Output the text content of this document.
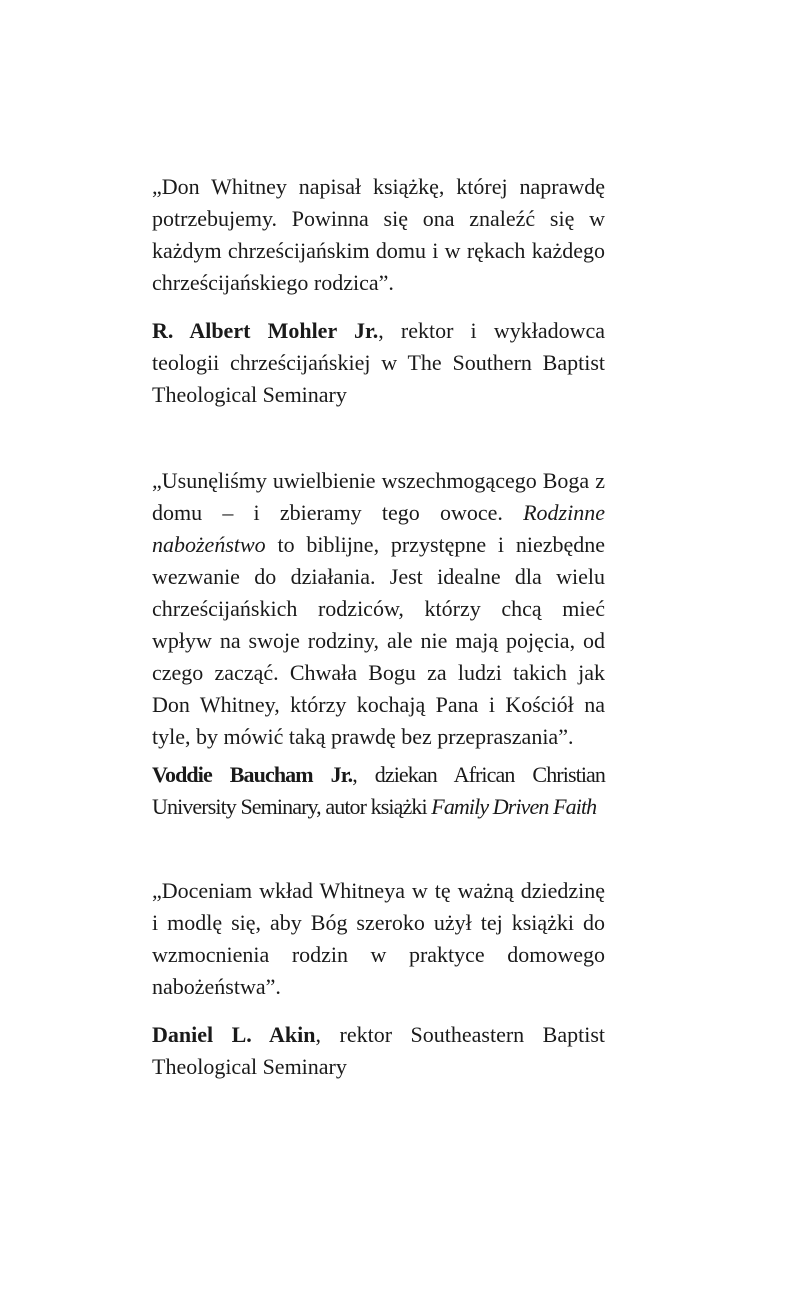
„Don Whitney napisał książkę, której naprawdę potrzebujemy. Powinna się ona znaleźć się w każdym chrześcijańskim domu i w rękach każdego chrześcijańskiego rodzica”.

R. Albert Mohler Jr., rektor i wykładowca teologii chrześcijańskiej w The Southern Baptist Theological Seminary

„Usunęliśmy uwielbienie wszechmogącego Boga z domu – i zbieramy tego owoce. Rodzinne nabożeństwo to biblijne, przystępne i niezbędne wezwanie do działania. Jest idealne dla wielu chrześcijańskich rodziców, którzy chcą mieć wpływ na swoje rodziny, ale nie mają pojęcia, od czego zacząć. Chwała Bogu za ludzi takich jak Don Whitney, którzy kochają Pana i Kościół na tyle, by mówić taką prawdę bez przepraszania”.

Voddie Baucham Jr., dziekan African Christian University Seminary, autor książki Family Driven Faith

„Doceniam wkład Whitneya w tę ważną dziedzinę i modlę się, aby Bóg szeroko użył tej książki do wzmocnienia rodzin w praktyce domowego nabożeństwa”.

Daniel L. Akin, rektor Southeastern Baptist Theological Seminary
